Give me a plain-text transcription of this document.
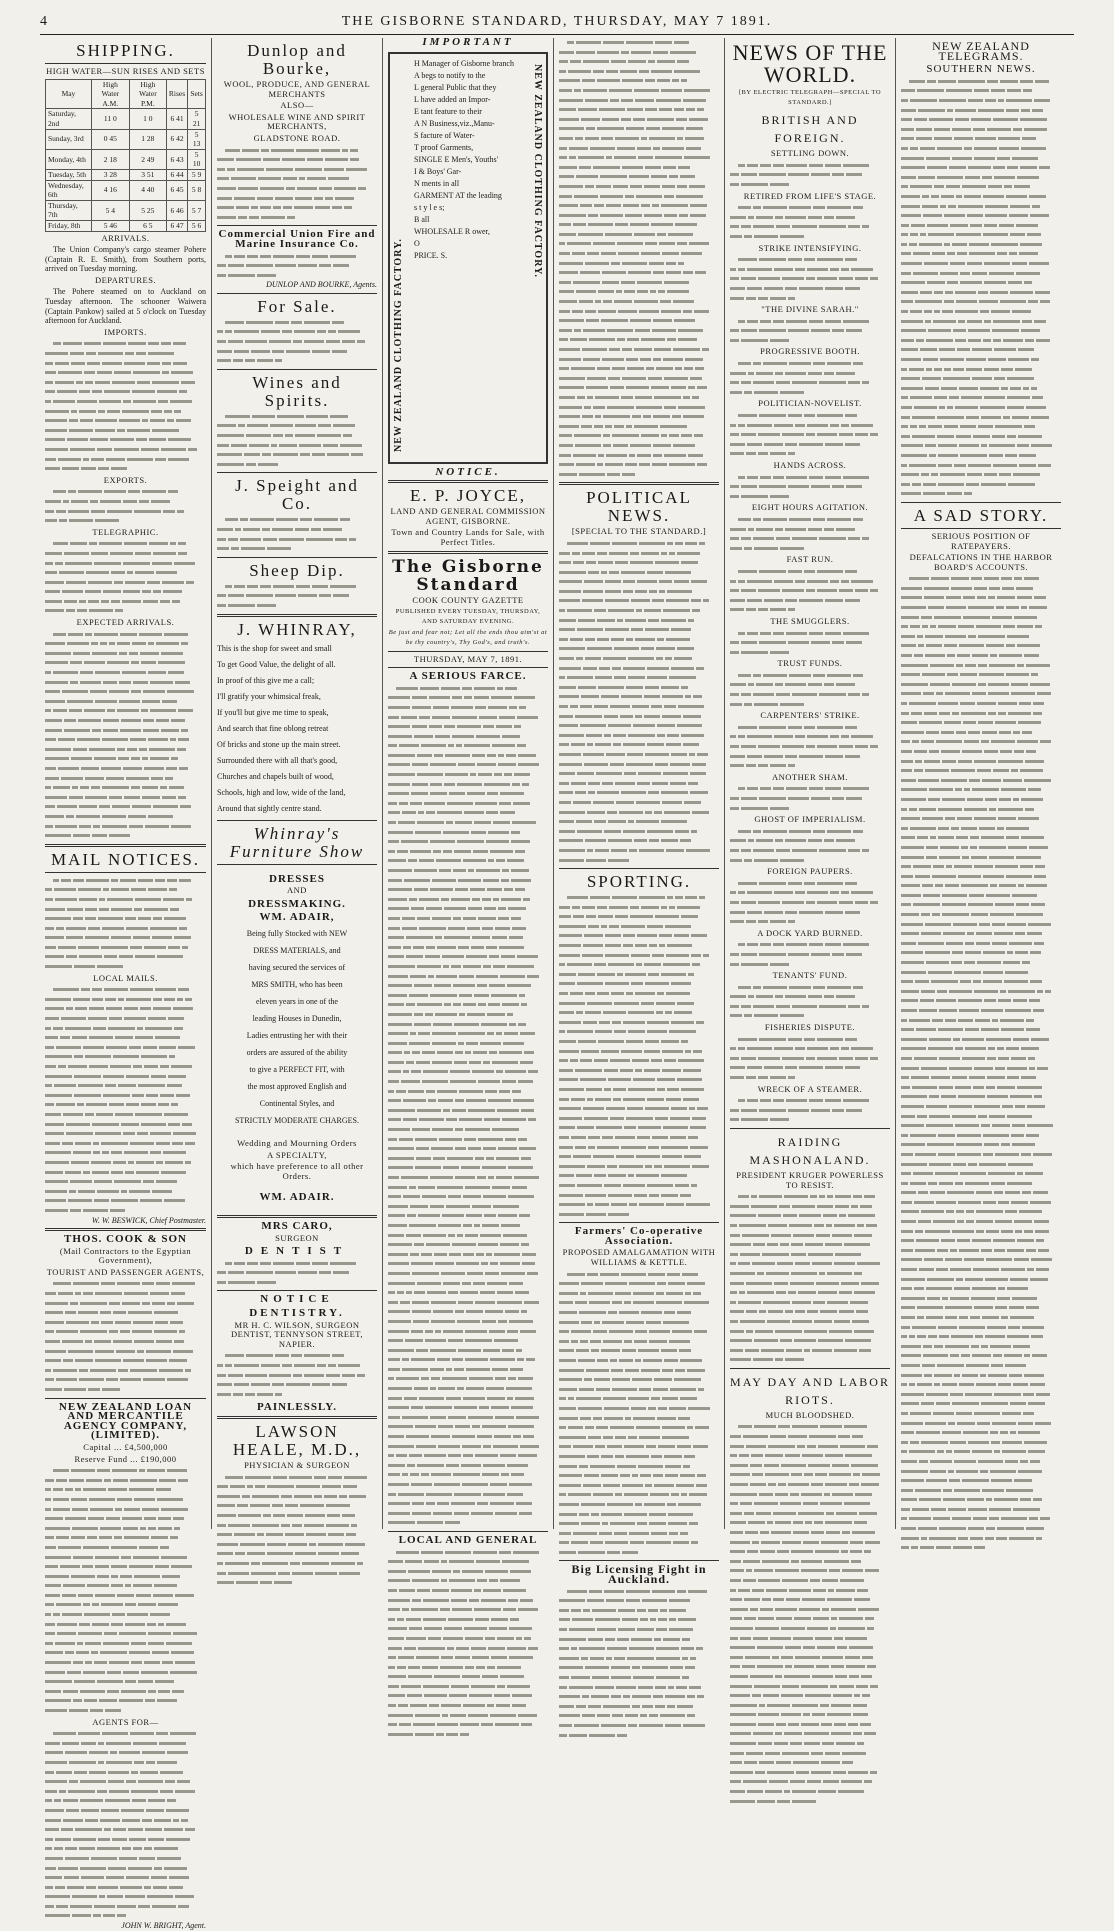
4	THE GISBORNE STANDARD, THURSDAY, MAY 7 1891.
SHIPPING.
HIGH WATER—SUN RISES AND SETS
May	High Water A.M.	High Water P.M.	Rises	Sets
Saturday, 2nd	11 0	1 0	6 41	5 21
Sunday, 3rd	0 45	1 28	6 42	5 13
Monday, 4th	2 18	2 49	6 43	5 10
Tuesday, 5th	3 28	3 51	6 44	5 9
Wednesday, 6th	4 16	4 40	6 45	5 8
Thursday, 7th	5 4	5 25	6 46	5 7
Friday, 8th	5 46	6 5	6 47	5 6
ARRIVALS.

The Union Company's cargo steamer Pohere (Captain R. E. Smith), from Southern ports, arrived on Tuesday morning.

DEPARTURES.

The Pohere steamed on to Auckland on Tuesday afternoon. The schooner Waiwera (Captain Pankow) sailed at 5 o'clock on Tuesday afternoon for Auckland.

IMPORTS.
EXPORTS.
TELEGRAPHIC.
EXPECTED ARRIVALS.
MAIL NOTICES.
LOCAL MAILS.
W. W. BESWICK, Chief Postmaster.
THOS. COOK & SON
(Mail Contractors to the Egyptian Government),
TOURIST AND PASSENGER AGENTS,
NEW ZEALAND LOAN AND MERCANTILE AGENCY COMPANY, (LIMITED).
Capital ... £4,500,000
Reserve Fund ... £190,000
AGENTS FOR—
JOHN W. BRIGHT, Agent.
Dunlop and Bourke,
WOOL, PRODUCE, AND GENERAL MERCHANTS
ALSO—
WHOLESALE WINE AND SPIRIT MERCHANTS,
GLADSTONE ROAD.
Commercial Union Fire and Marine Insurance Co.
DUNLOP AND BOURKE, Agents.
For Sale.
Wines and Spirits.
J. Speight and Co.
Sheep Dip.
J. WHINRAY,
This is the shop for sweet and small
To get Good Value, the delight of all.
In proof of this give me a call;
I'll gratify your whimsical freak,
If you'll but give me time to speak,
And search that fine oblong retreat
Of bricks and stone up the main street.
Surrounded there with all that's good,
Churches and chapels built of wood,
Schools, high and low, wide of the land,
Around that sightly centre stand.
Whinray's Furniture Show
DRESSES
AND
DRESSMAKING.
WM. ADAIR,
Being fully Stocked with NEW
DRESS MATERIALS, and
having secured the services of
MRS SMITH, who has been
eleven years in one of the
leading Houses in Dunedin,
Ladies entrusting her with their
orders are assured of the ability
to give a PERFECT FIT, with
the most approved English and
Continental Styles, and
STRICTLY MODERATE CHARGES.
Wedding and Mourning Orders
A SPECIALTY,
which have preference to all other Orders.
WM. ADAIR.
MRS CARO,
SURGEON
DENTIST
NOTICE
DENTISTRY.
MR H. C. WILSON, SURGEON DENTIST, TENNYSON STREET, NAPIER.
PAINLESSLY.
LAWSON HEALE, M.D.,
PHYSICIAN & SURGEON
IMPORTANT
NEW ZEALAND CLOTHING FACTORY.
NEW ZEALAND CLOTHING FACTORY.
H Manager of Gisborne branch
A begs to notify to the
L general Public that they
L have added an Impor-
E tant feature to their
A N Business,viz.,Manu-
S facture of Water-
T proof Garments,
SINGLE E Men's, Youths'
I & Boys' Gar-
N ments in all
GARMENT AT the leading
s t y l e s;
B all
WHOLESALE R ower,
O
PRICE. S.
NOTICE.
E. P. JOYCE,
LAND AND GENERAL COMMISSION AGENT, GISBORNE.
Town and Country Lands for Sale, with Perfect Titles.
The Gisborne Standard
COOK COUNTY GAZETTE
PUBLISHED EVERY TUESDAY, THURSDAY, AND SATURDAY EVENING.
Be just and fear not; Let all the ends thou aim'st at be thy country's, Thy God's, and truth's.
THURSDAY, MAY 7, 1891.
A SERIOUS FARCE.
LOCAL AND GENERAL
POLITICAL NEWS.
[SPECIAL TO THE STANDARD.]
SPORTING.
Farmers' Co-operative Association.
PROPOSED AMALGAMATION WITH WILLIAMS & KETTLE.
Big Licensing Fight in Auckland.
NEWS OF THE WORLD.
[BY ELECTRIC TELEGRAPH—SPECIAL TO STANDARD.]
BRITISH AND FOREIGN.
SETTLING DOWN.
RETIRED FROM LIFE'S STAGE.
STRIKE INTENSIFYING.
"THE DIVINE SARAH."
PROGRESSIVE BOOTH.
POLITICIAN-NOVELIST.
HANDS ACROSS.
EIGHT HOURS AGITATION.
FAST RUN.
THE SMUGGLERS.
TRUST FUNDS.
CARPENTERS' STRIKE.
ANOTHER SHAM.
GHOST OF IMPERIALISM.
FOREIGN PAUPERS.
A DOCK YARD BURNED.
TENANTS' FUND.
FISHERIES DISPUTE.
WRECK OF A STEAMER.
RAIDING MASHONALAND.
PRESIDENT KRUGER POWERLESS TO RESIST.
MAY DAY AND LABOR RIOTS.
MUCH BLOODSHED.
NEW ZEALAND TELEGRAMS.
SOUTHERN NEWS.
A SAD STORY.
SERIOUS POSITION OF RATEPAYERS.
DEFALCATIONS IN THE HARBOR BOARD'S ACCOUNTS.
